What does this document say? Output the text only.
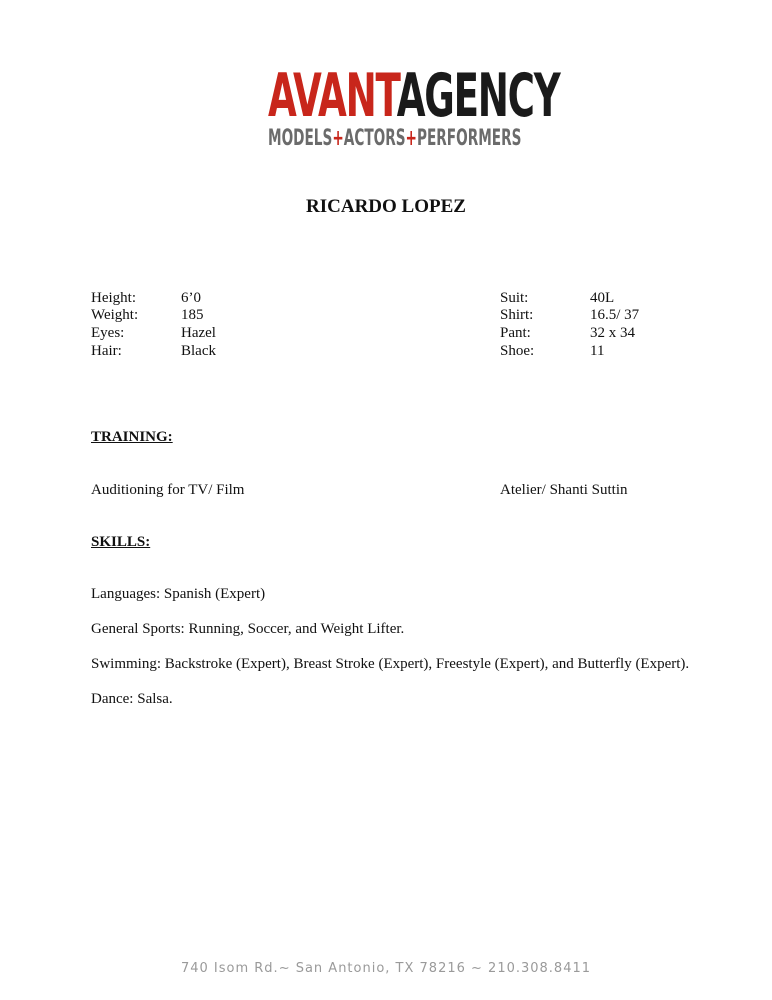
AVANTAGENCY
MODELS+ACTORS+PERFORMERS
RICARDO LOPEZ
Height:	6’0
Weight:	185
Eyes:	Hazel
Hair:	Black
Suit:	40L
Shirt:	16.5/ 37
Pant:	32 x 34
Shoe:	11
TRAINING:
Auditioning for TV/ Film	Atelier/ Shanti Suttin
SKILLS:
Languages: Spanish (Expert)
General Sports: Running, Soccer, and Weight Lifter.
Swimming: Backstroke (Expert), Breast Stroke (Expert), Freestyle (Expert), and Butterfly (Expert).
Dance: Salsa.
740 Isom Rd.~ San Antonio, TX 78216 ~ 210.308.8411
